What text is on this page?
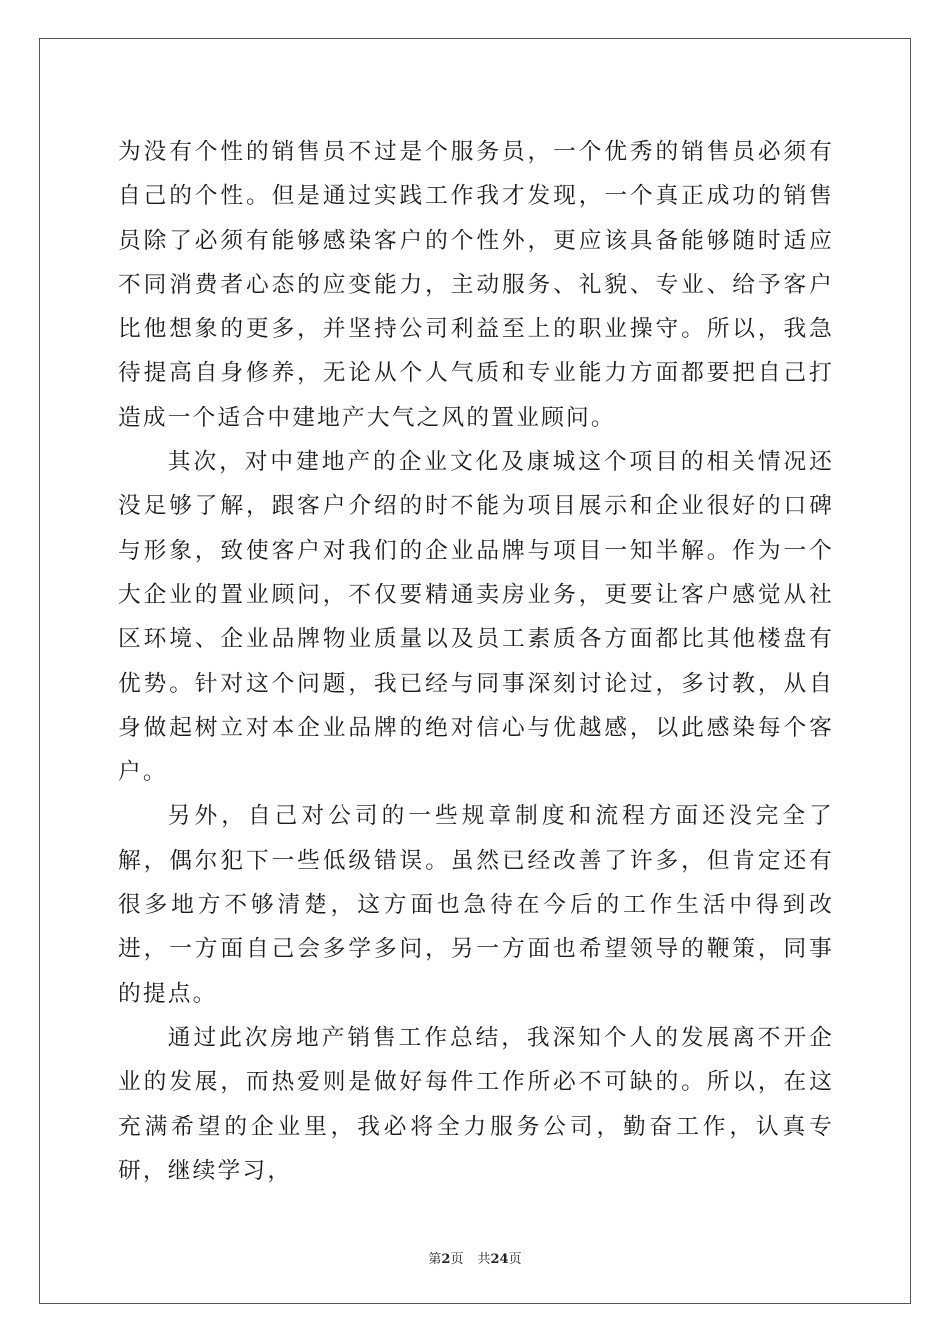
为没有个性的销售员不过是个服务员，一个优秀的销售员必须有自己的个性。但是通过实践工作我才发现，一个真正成功的销售员除了必须有能够感染客户的个性外，更应该具备能够随时适应不同消费者心态的应变能力，主动服务、礼貌、专业、给予客户比他想象的更多，并坚持公司利益至上的职业操守。所以，我急待提高自身修养，无论从个人气质和专业能力方面都要把自己打造成一个适合中建地产大气之风的置业顾问。

其次，对中建地产的企业文化及康城这个项目的相关情况还没足够了解，跟客户介绍的时不能为项目展示和企业很好的口碑与形象，致使客户对我们的企业品牌与项目一知半解。作为一个大企业的置业顾问，不仅要精通卖房业务，更要让客户感觉从社区环境、企业品牌物业质量以及员工素质各方面都比其他楼盘有优势。针对这个问题，我已经与同事深刻讨论过，多讨教，从自身做起树立对本企业品牌的绝对信心与优越感，以此感染每个客户。

另外，自己对公司的一些规章制度和流程方面还没完全了解，偶尔犯下一些低级错误。虽然已经改善了许多，但肯定还有很多地方不够清楚，这方面也急待在今后的工作生活中得到改进，一方面自己会多学多问，另一方面也希望领导的鞭策，同事的提点。

通过此次房地产销售工作总结，我深知个人的发展离不开企业的发展，而热爱则是做好每件工作所必不可缺的。所以，在这充满希望的企业里，我必将全力服务公司，勤奋工作，认真专研，继续学习，

第2页 共24页
